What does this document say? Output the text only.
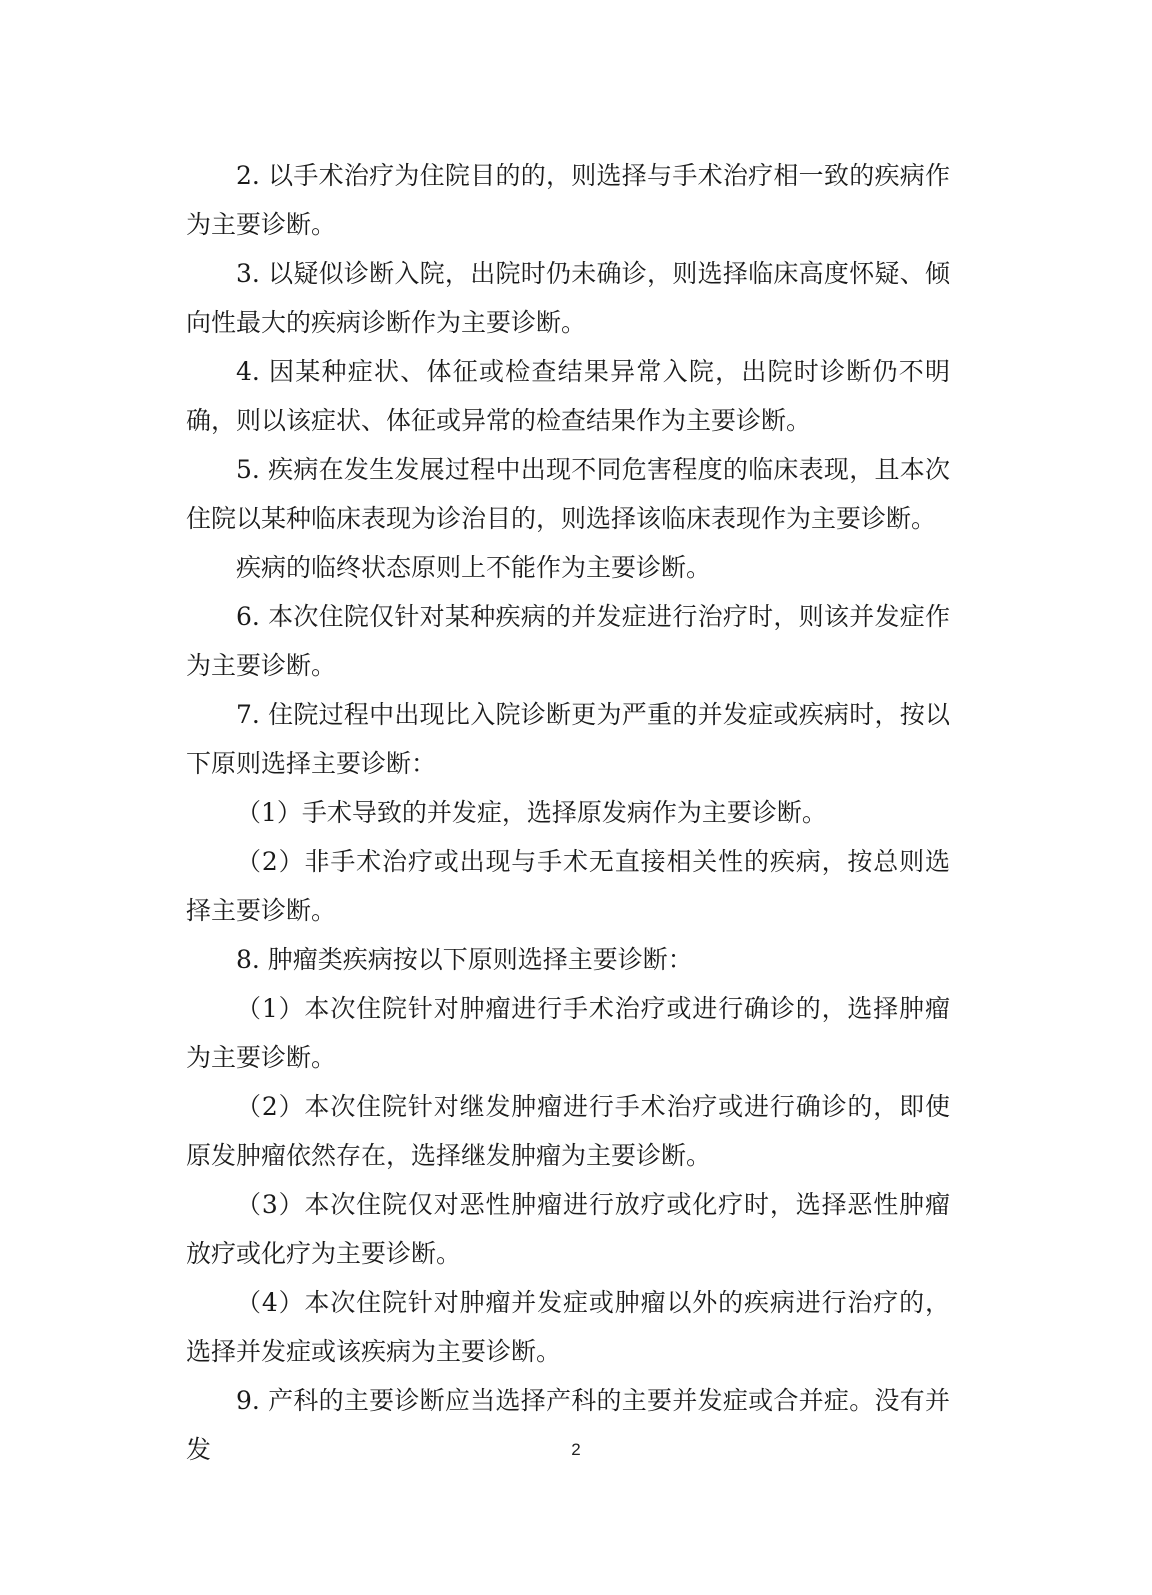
2. 以手术治疗为住院目的的，则选择与手术治疗相一致的疾病作为主要诊断。

3. 以疑似诊断入院，出院时仍未确诊，则选择临床高度怀疑、倾向性最大的疾病诊断作为主要诊断。

4. 因某种症状、体征或检查结果异常入院，出院时诊断仍不明确，则以该症状、体征或异常的检查结果作为主要诊断。

5. 疾病在发生发展过程中出现不同危害程度的临床表现，且本次住院以某种临床表现为诊治目的，则选择该临床表现作为主要诊断。

疾病的临终状态原则上不能作为主要诊断。

6. 本次住院仅针对某种疾病的并发症进行治疗时，则该并发症作为主要诊断。

7. 住院过程中出现比入院诊断更为严重的并发症或疾病时，按以下原则选择主要诊断：

（1）手术导致的并发症，选择原发病作为主要诊断。

（2）非手术治疗或出现与手术无直接相关性的疾病，按总则选择主要诊断。

8. 肿瘤类疾病按以下原则选择主要诊断：

（1）本次住院针对肿瘤进行手术治疗或进行确诊的，选择肿瘤为主要诊断。

（2）本次住院针对继发肿瘤进行手术治疗或进行确诊的，即使原发肿瘤依然存在，选择继发肿瘤为主要诊断。

（3）本次住院仅对恶性肿瘤进行放疗或化疗时，选择恶性肿瘤放疗或化疗为主要诊断。

（4）本次住院针对肿瘤并发症或肿瘤以外的疾病进行治疗的，选择并发症或该疾病为主要诊断。

9. 产科的主要诊断应当选择产科的主要并发症或合并症。没有并发	2
